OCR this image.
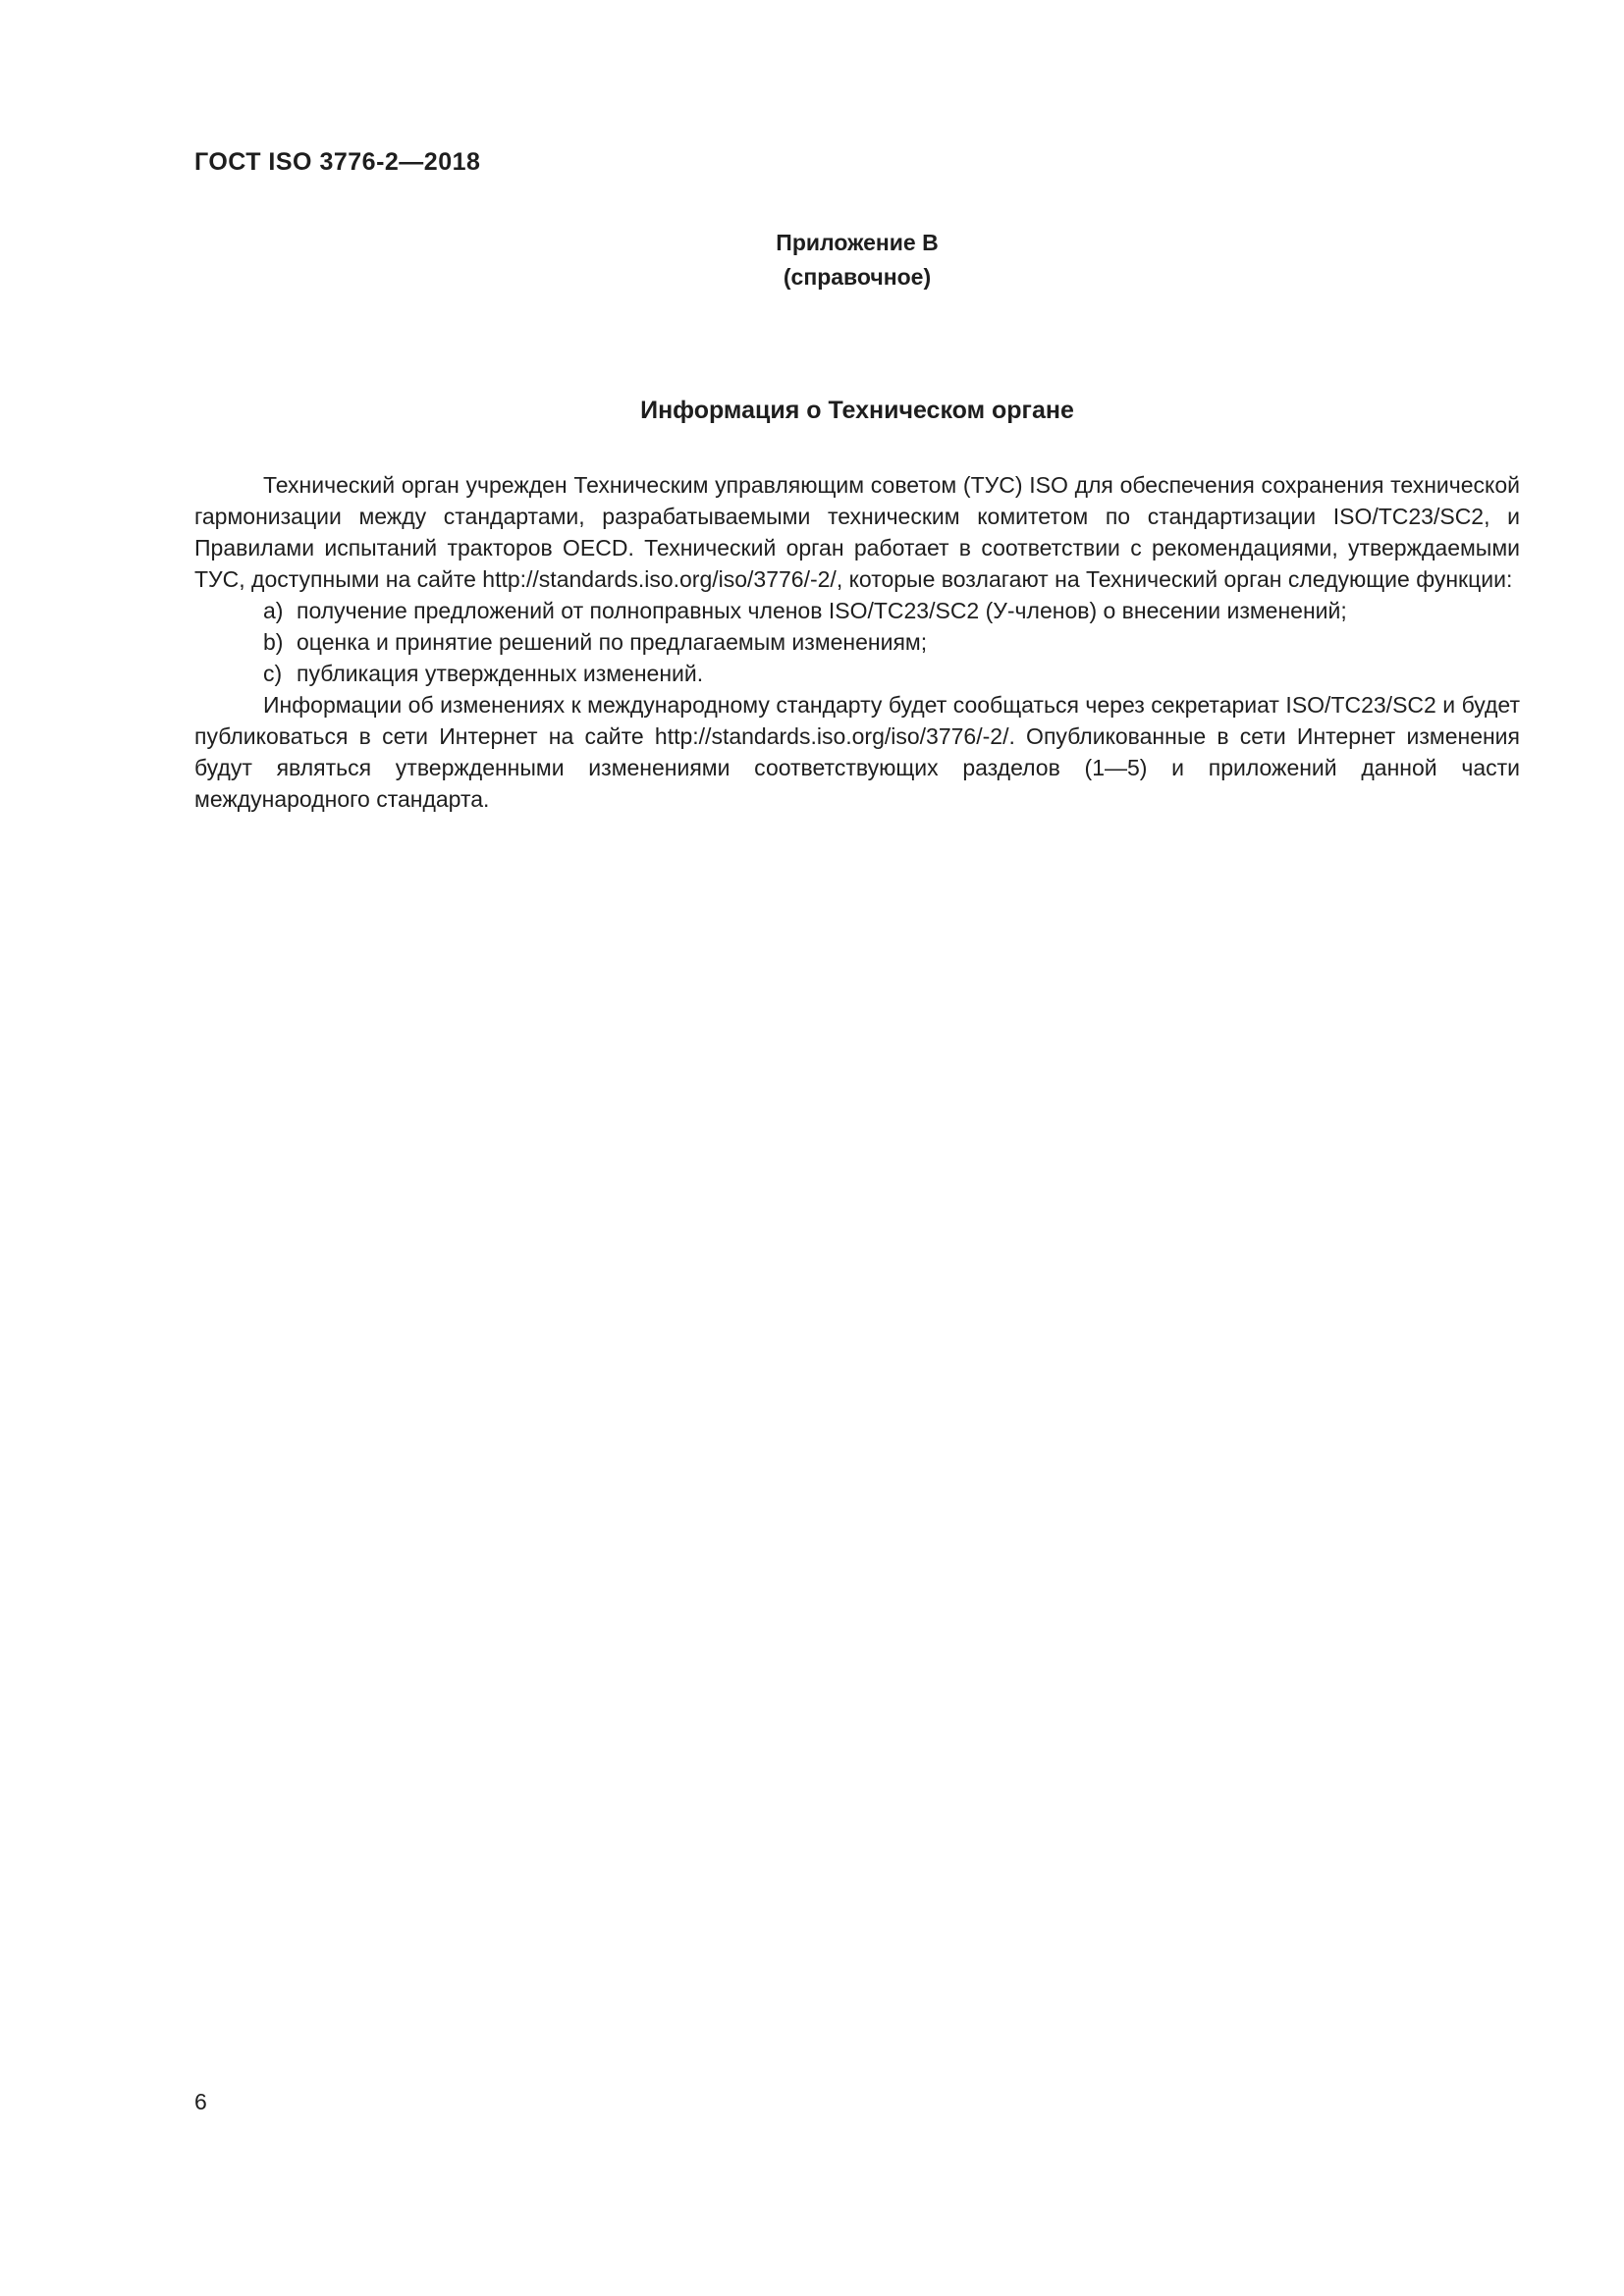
ГОСТ ISO 3776-2—2018
Приложение B
(справочное)
Информация о Техническом органе

Технический орган учрежден Техническим управляющим советом (ТУС) ISO для обеспечения сохранения технической гармонизации между стандартами, разрабатываемыми техническим комитетом по стандартизации ISO/TC23/SC2, и Правилами испытаний тракторов OECD. Технический орган работает в соответствии с рекомендациями, утверждаемыми ТУС, доступными на сайте http://standards.iso.org/iso/3776/-2/, которые возлагают на Технический орган следующие функции:

a) получение предложений от полноправных членов ISO/TC23/SC2 (У-членов) о внесении изменений;
b) оценка и принятие решений по предлагаемым изменениям;
c) публикация утвержденных изменений.

Информации об изменениях к международному стандарту будет сообщаться через секретариат ISO/TC23/SC2 и будет публиковаться в сети Интернет на сайте http://standards.iso.org/iso/3776/-2/. Опубликованные в сети Интернет изменения будут являться утвержденными изменениями соответствующих разделов (1—5) и приложений данной части международного стандарта.

6
